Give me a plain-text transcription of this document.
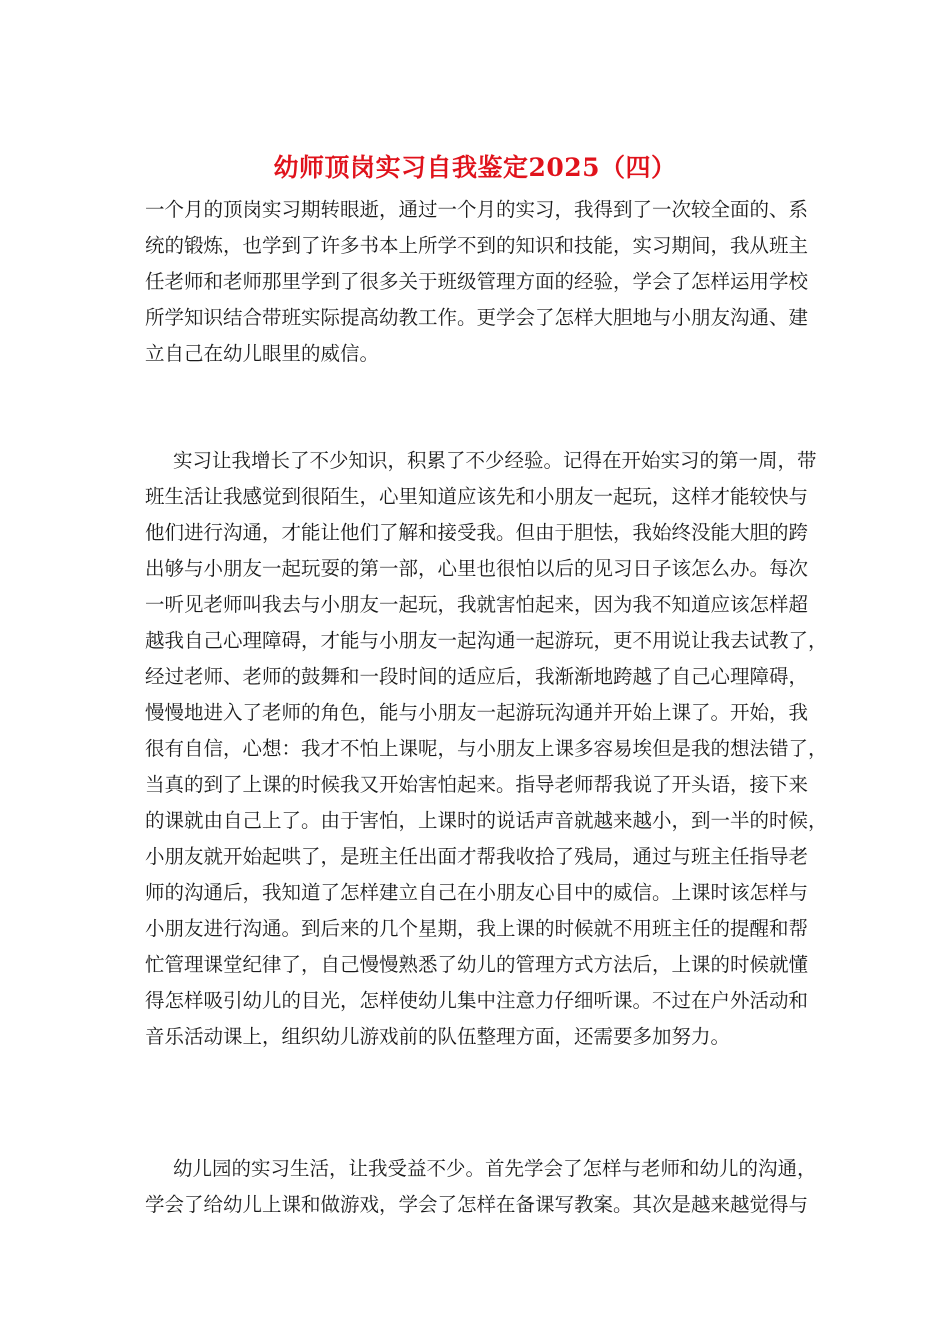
幼师顶岗实习自我鉴定2025（四）
一个月的顶岗实习期转眼逝，通过一个月的实习，我得到了一次较全面的、系
统的锻炼，也学到了许多书本上所学不到的知识和技能，实习期间，我从班主
任老师和老师那里学到了很多关于班级管理方面的经验，学会了怎样运用学校
所学知识结合带班实际提高幼教工作。更学会了怎样大胆地与小朋友沟通、建
立自己在幼儿眼里的威信。
实习让我增长了不少知识，积累了不少经验。记得在开始实习的第一周，带
班生活让我感觉到很陌生，心里知道应该先和小朋友一起玩，这样才能较快与
他们进行沟通，才能让他们了解和接受我。但由于胆怯，我始终没能大胆的跨
出够与小朋友一起玩耍的第一部，心里也很怕以后的见习日子该怎么办。每次
一听见老师叫我去与小朋友一起玩，我就害怕起来，因为我不知道应该怎样超
越我自己心理障碍，才能与小朋友一起沟通一起游玩，更不用说让我去试教了，
经过老师、老师的鼓舞和一段时间的适应后，我渐渐地跨越了自己心理障碍，
慢慢地进入了老师的角色，能与小朋友一起游玩沟通并开始上课了。开始，我
很有自信，心想：我才不怕上课呢，与小朋友上课多容易埃但是我的想法错了，
当真的到了上课的时候我又开始害怕起来。指导老师帮我说了开头语，接下来
的课就由自己上了。由于害怕，上课时的说话声音就越来越小，到一半的时候，
小朋友就开始起哄了，是班主任出面才帮我收拾了残局，通过与班主任指导老
师的沟通后，我知道了怎样建立自己在小朋友心目中的威信。上课时该怎样与
小朋友进行沟通。到后来的几个星期，我上课的时候就不用班主任的提醒和帮
忙管理课堂纪律了，自己慢慢熟悉了幼儿的管理方式方法后，上课的时候就懂
得怎样吸引幼儿的目光，怎样使幼儿集中注意力仔细听课。不过在户外活动和
音乐活动课上，组织幼儿游戏前的队伍整理方面，还需要多加努力。
幼儿园的实习生活，让我受益不少。首先学会了怎样与老师和幼儿的沟通，
学会了给幼儿上课和做游戏，学会了怎样在备课写教案。其次是越来越觉得与
